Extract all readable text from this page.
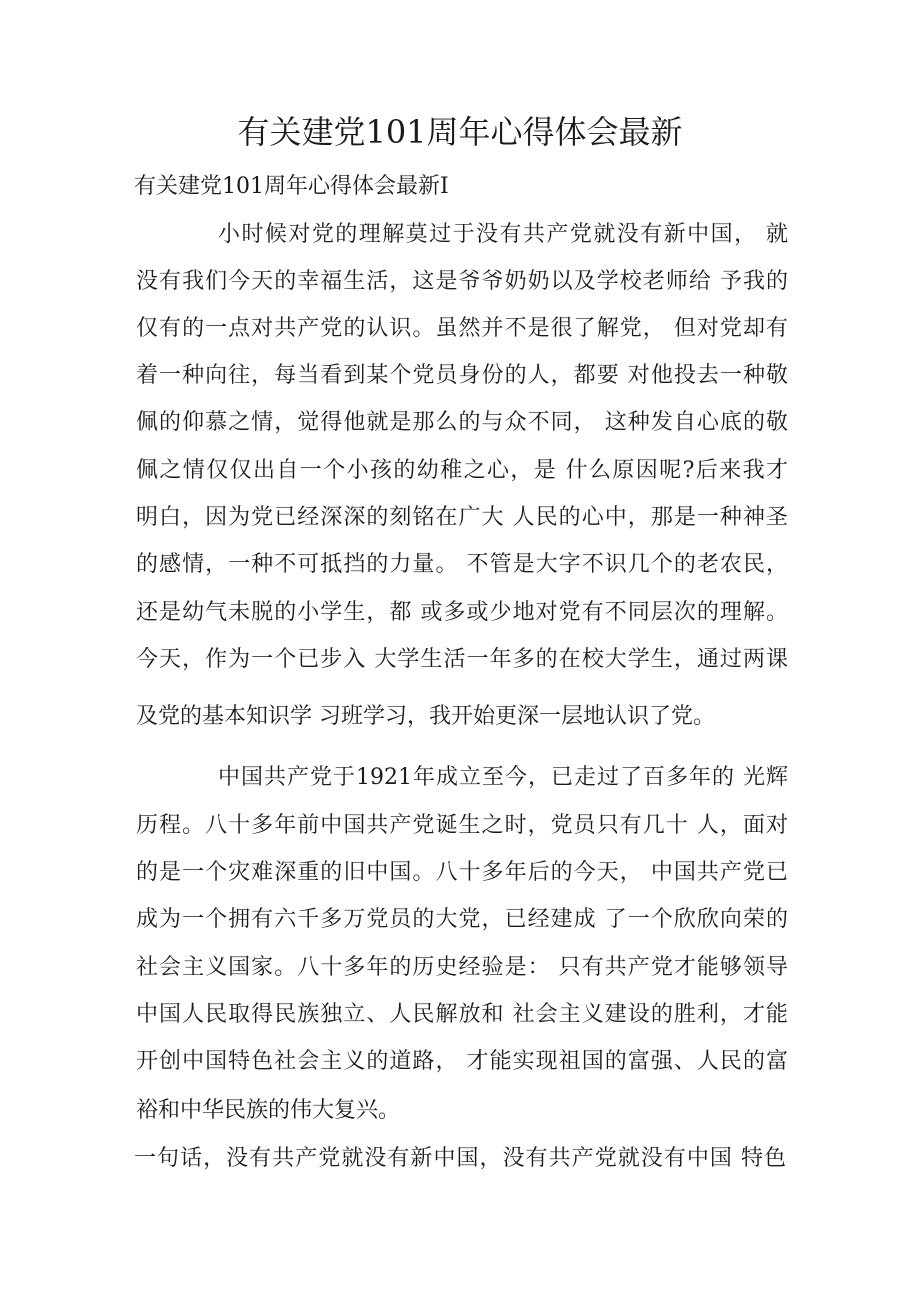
有关建党101周年心得体会最新
有关建党101周年心得体会最新I
小时候对党的理解莫过于没有共产党就没有新中国， 就
没有我们今天的幸福生活，这是爷爷奶奶以及学校老师给 予我的
仅有的一点对共产党的认识。虽然并不是很了解党， 但对党却有
着一种向往，每当看到某个党员身份的人，都要 对他投去一种敬
佩的仰慕之情，觉得他就是那么的与众不同， 这种发自心底的敬
佩之情仅仅出自一个小孩的幼稚之心，是 什么原因呢?后来我才
明白，因为党已经深深的刻铭在广大 人民的心中，那是一种神圣
的感情，一种不可抵挡的力量。 不管是大字不识几个的老农民，
还是幼气未脱的小学生，都 或多或少地对党有不同层次的理解。
今天，作为一个已步入 大学生活一年多的在校大学生，通过两课
及党的基本知识学 习班学习，我开始更深一层地认识了党。
中国共产党于1921年成立至今，已走过了百多年的 光辉
历程。八十多年前中国共产党诞生之时，党员只有几十 人，面对
的是一个灾难深重的旧中国。八十多年后的今天， 中国共产党已
成为一个拥有六千多万党员的大党，已经建成 了一个欣欣向荣的
社会主义国家。八十多年的历史经验是： 只有共产党才能够领导
中国人民取得民族独立、人民解放和 社会主义建设的胜利，才能
开创中国特色社会主义的道路， 才能实现祖国的富强、人民的富
裕和中华民族的伟大复兴。
一句话，没有共产党就没有新中国，没有共产党就没有中国 特色
